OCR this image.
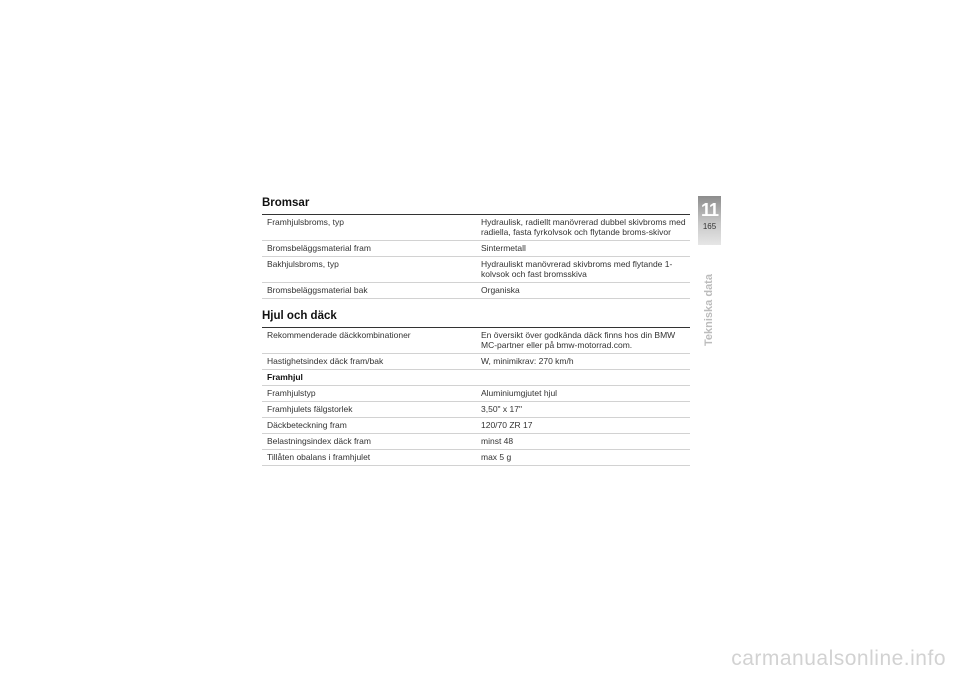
Bromsar
Framhjulsbroms, typ	Hydraulisk, radiellt manövrerad dubbel skivbroms med radiella, fasta fyrkolvsok och flytande broms-skivor
Bromsbeläggsmaterial fram	Sintermetall
Bakhjulsbroms, typ	Hydrauliskt manövrerad skivbroms med flytande 1-kolvsok och fast bromsskiva
Bromsbeläggsmaterial bak	Organiska
Hjul och däck
Rekommenderade däckkombinationer	En översikt över godkända däck finns hos din BMW MC-partner eller på bmw-motorrad.com.
Hastighetsindex däck fram/bak	W, minimikrav: 270 km/h
Framhjul	
Framhjulstyp	Aluminiumgjutet hjul
Framhjulets fälgstorlek	3,50" x 17"
Däckbeteckning fram	120/70 ZR 17
Belastningsindex däck fram	minst 48
Tillåten obalans i framhjulet	max 5 g
11
165
Tekniska data
carmanualsonline.info
